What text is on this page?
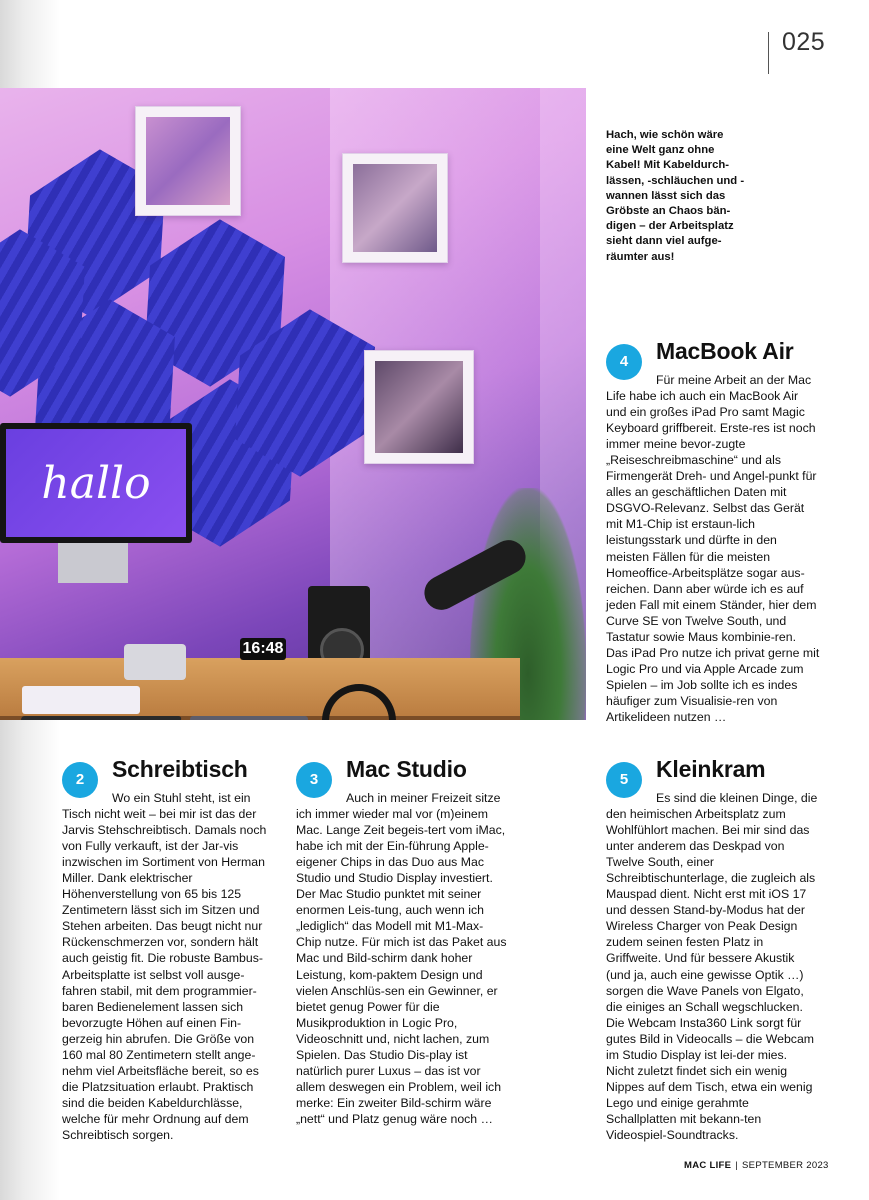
025
hallo
16:48
Hach, wie schön wäre eine Welt ganz ohne Kabel! Mit Kabeldurch-lässen, -schläuchen und -wannen lässt sich das Gröbste an Chaos bän-digen – der Arbeitsplatz sieht dann viel aufge-räumter aus!
4	MacBook Air

Für meine Arbeit an der Mac Life habe ich auch ein MacBook Air und ein großes iPad Pro samt Magic Keyboard griffbereit. Erste-res ist noch immer meine bevor-zugte „Reiseschreibmaschine“ und als Firmengerät Dreh- und Angel-punkt für alles an geschäftlichen Daten mit DSGVO-Relevanz. Selbst das Gerät mit M1-Chip ist erstaun-lich leistungsstark und dürfte in den meisten Fällen für die meisten Homeoffice-Arbeitsplätze sogar aus-reichen. Dann aber würde ich es auf jeden Fall mit einem Ständer, hier dem Curve SE von Twelve South, und Tastatur sowie Maus kombinie-ren. Das iPad Pro nutze ich privat gerne mit Logic Pro und via Apple Arcade zum Spielen – im Job sollte ich es indes häufiger zum Visualisie-ren von Artikelideen nutzen …

2	Schreibtisch

Wo ein Stuhl steht, ist ein Tisch nicht weit – bei mir ist das der Jarvis Stehschreibtisch. Damals noch von Fully verkauft, ist der Jar-vis inzwischen im Sortiment von Herman Miller. Dank elektrischer Höhenverstellung von 65 bis 125 Zentimetern lässt sich im Sitzen und Stehen arbeiten. Das beugt nicht nur Rückenschmerzen vor, sondern hält auch geistig fit. Die robuste Bambus-Arbeitsplatte ist selbst voll ausge-fahren stabil, mit dem programmier-baren Bedienelement lassen sich bevorzugte Höhen auf einen Fin-gerzeig hin abrufen. Die Größe von 160 mal 80 Zentimetern stellt ange-nehm viel Arbeitsfläche bereit, so es die Platzsituation erlaubt. Praktisch sind die beiden Kabeldurchlässe, welche für mehr Ordnung auf dem Schreibtisch sorgen.

3	Mac Studio

Auch in meiner Freizeit sitze ich immer wieder mal vor (m)einem Mac. Lange Zeit begeis-tert vom iMac, habe ich mit der Ein-führung Apple-eigener Chips in das Duo aus Mac Studio und Studio Display investiert. Der Mac Studio punktet mit seiner enormen Leis-tung, auch wenn ich „lediglich“ das Modell mit M1-Max-Chip nutze. Für mich ist das Paket aus Mac und Bild-schirm dank hoher Leistung, kom-paktem Design und vielen Anschlüs-sen ein Gewinner, er bietet genug Power für die Musikproduktion in Logic Pro, Videoschnitt und, nicht lachen, zum Spielen. Das Studio Dis-play ist natürlich purer Luxus – das ist vor allem deswegen ein Problem, weil ich merke: Ein zweiter Bild-schirm wäre „nett“ und Platz genug wäre noch …

5	Kleinkram

Es sind die kleinen Dinge, die den heimischen Arbeitsplatz zum Wohlfühlort machen. Bei mir sind das unter anderem das Deskpad von Twelve South, einer Schreibtischunterlage, die zugleich als Mauspad dient. Nicht erst mit iOS 17 und dessen Stand-by-Modus hat der Wireless Charger von Peak Design zudem seinen festen Platz in Griffweite. Und für bessere Akustik (und ja, auch eine gewisse Optik …) sorgen die Wave Panels von Elgato, die einiges an Schall wegschlucken. Die Webcam Insta360 Link sorgt für gutes Bild in Videocalls – die Webcam im Studio Display ist lei-der mies. Nicht zuletzt findet sich ein wenig Nippes auf dem Tisch, etwa ein wenig Lego und einige gerahmte Schallplatten mit bekann-ten Videospiel-Soundtracks.

MAC LIFE | SEPTEMBER 2023
